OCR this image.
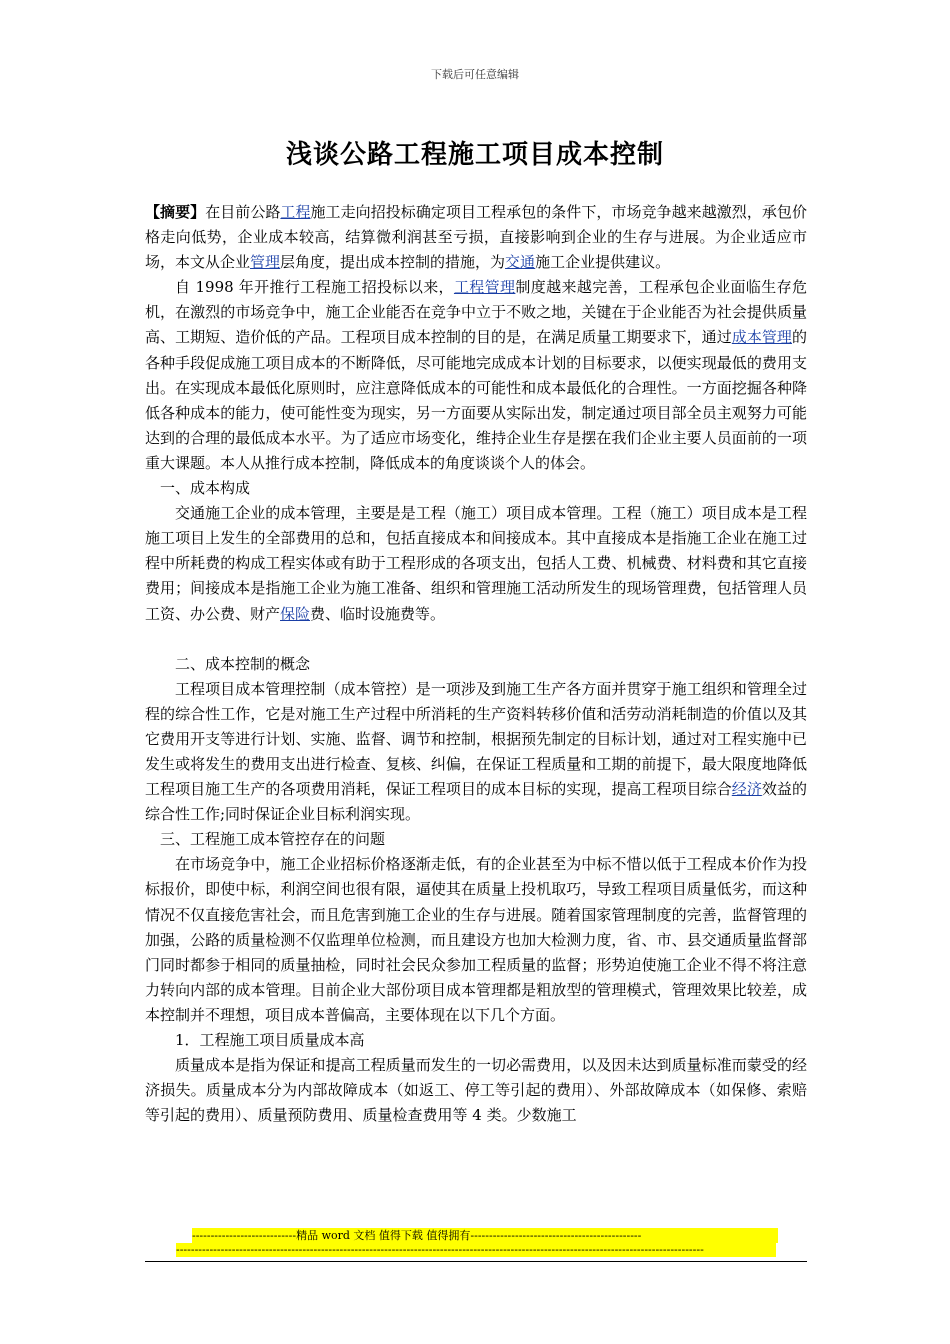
下载后可任意编辑
浅谈公路工程施工项目成本控制

【摘要】在目前公路工程施工走向招投标确定项目工程承包的条件下，市场竞争越来越激烈，承包价格走向低势，企业成本较高，结算微利润甚至亏损，直接影响到企业的生存与进展。为企业适应市场，本文从企业管理层角度，提出成本控制的措施，为交通施工企业提供建议。

自 1998 年开推行工程施工招投标以来，工程管理制度越来越完善，工程承包企业面临生存危机，在激烈的市场竞争中，施工企业能否在竞争中立于不败之地，关键在于企业能否为社会提供质量高、工期短、造价低的产品。工程项目成本控制的目的是，在满足质量工期要求下，通过成本管理的各种手段促成施工项目成本的不断降低，尽可能地完成成本计划的目标要求，以便实现最低的费用支出。在实现成本最低化原则时，应注意降低成本的可能性和成本最低化的合理性。一方面挖掘各种降低各种成本的能力，使可能性变为现实，另一方面要从实际出发，制定通过项目部全员主观努力可能达到的合理的最低成本水平。为了适应市场变化，维持企业生存是摆在我们企业主要人员面前的一项重大课题。本人从推行成本控制，降低成本的角度谈谈个人的体会。

一、成本构成

交通施工企业的成本管理，主要是是工程（施工）项目成本管理。工程（施工）项目成本是工程施工项目上发生的全部费用的总和，包括直接成本和间接成本。其中直接成本是指施工企业在施工过程中所耗费的构成工程实体或有助于工程形成的各项支出，包括人工费、机械费、材料费和其它直接费用；间接成本是指施工企业为施工准备、组织和管理施工活动所发生的现场管理费，包括管理人员工资、办公费、财产保险费、临时设施费等。

二、成本控制的概念

工程项目成本管理控制（成本管控）是一项涉及到施工生产各方面并贯穿于施工组织和管理全过程的综合性工作，它是对施工生产过程中所消耗的生产资料转移价值和活劳动消耗制造的价值以及其它费用开支等进行计划、实施、监督、调节和控制，根据预先制定的目标计划，通过对工程实施中已发生或将发生的费用支出进行检查、复核、纠偏，在保证工程质量和工期的前提下，最大限度地降低工程项目施工生产的各项费用消耗，保证工程项目的成本目标的实现，提高工程项目综合经济效益的综合性工作;同时保证企业目标利润实现。

三、工程施工成本管控存在的问题

在市场竞争中，施工企业招标价格逐渐走低，有的企业甚至为中标不惜以低于工程成本价作为投标报价，即使中标，利润空间也很有限，逼使其在质量上投机取巧，导致工程项目质量低劣，而这种情况不仅直接危害社会，而且危害到施工企业的生存与进展。随着国家管理制度的完善，监督管理的加强，公路的质量检测不仅监理单位检测，而且建设方也加大检测力度，省、市、县交通质量监督部门同时都参于相同的质量抽检，同时社会民众参加工程质量的监督；形势迫使施工企业不得不将注意力转向内部的成本管理。目前企业大部份项目成本管理都是粗放型的管理模式，管理效果比较差，成本控制并不理想，项目成本普偏高，主要体现在以下几个方面。

1．工程施工项目质量成本高

质量成本是指为保证和提高工程质量而发生的一切必需费用，以及因未达到质量标准而蒙受的经济损失。质量成本分为内部故障成本（如返工、停工等引起的费用）、外部故障成本（如保修、索赔等引起的费用）、质量预防费用、质量检查费用等 4 类。少数施工

----------------------------精品 word 文档 值得下载 值得拥有----------------------------------------------
----------------------------------------------------------------------------------------------------------------------------------------------
